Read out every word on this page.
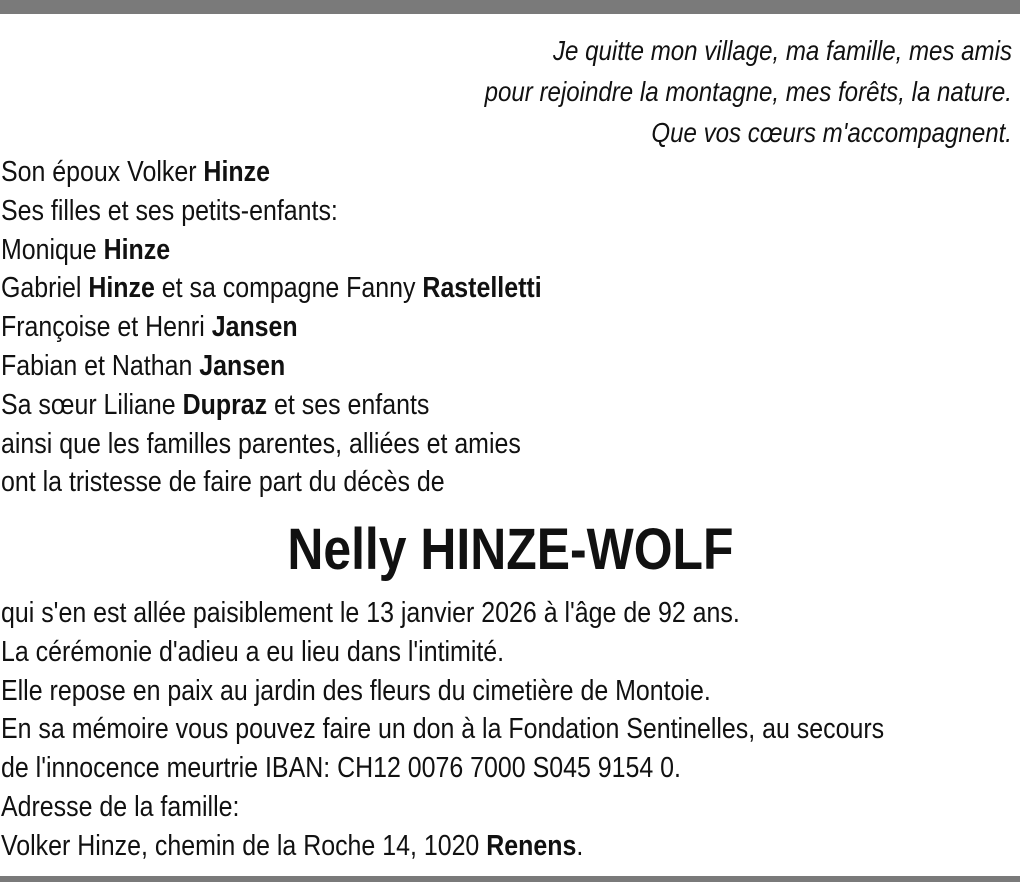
Je quitte mon village, ma famille, mes amis
pour rejoindre la montagne, mes forêts, la nature.
Que vos cœurs m'accompagnent.
Son époux Volker Hinze
Ses filles et ses petits-enfants:
Monique Hinze
Gabriel Hinze et sa compagne Fanny Rastelletti
Françoise et Henri Jansen
Fabian et Nathan Jansen
Sa sœur Liliane Dupraz et ses enfants
ainsi que les familles parentes, alliées et amies
ont la tristesse de faire part du décès de
Nelly HINZE-WOLF
qui s'en est allée paisiblement le 13 janvier 2026 à l'âge de 92 ans.
La cérémonie d'adieu a eu lieu dans l'intimité.
Elle repose en paix au jardin des fleurs du cimetière de Montoie.
En sa mémoire vous pouvez faire un don à la Fondation Sentinelles, au secours
de l'innocence meurtrie IBAN: CH12 0076 7000 S045 9154 0.
Adresse de la famille:
Volker Hinze, chemin de la Roche 14, 1020 Renens.
